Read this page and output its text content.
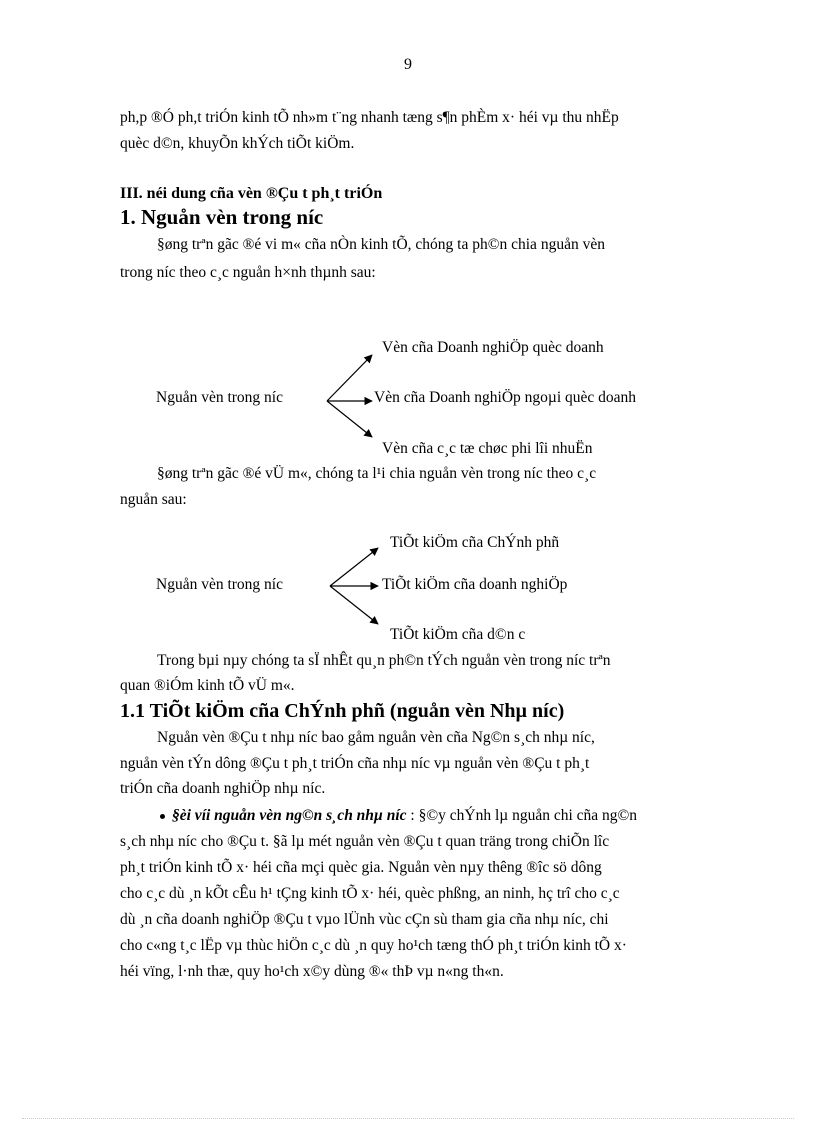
9
ph,p ®Ó ph,t triÓn kinh tÕ nh»m t¨ng nhanh tæng s¶n phÈm x· héi vµ thu nhËp
quèc d©n, khuyÕn khÝch tiÕt kiÖm.
III. néi dung cña vèn ®Çu t ph¸t triÓn
1. Nguån vèn trong níc
§øng trªn gãc ®é vi m« cña nÒn kinh tÕ, chóng ta ph©n chia nguån vèn
trong níc theo c¸c nguån h×nh thµnh sau:
Nguån vèn trong níc
Vèn cña Doanh nghiÖp quèc doanh
Vèn cña Doanh nghiÖp ngoµi quèc doanh
Vèn cña c¸c tæ chøc phi lîi nhuËn
§øng trªn gãc ®é vÜ m«, chóng ta l¹i chia nguån vèn trong níc theo c¸c
nguån sau:
Nguån vèn trong níc
TiÕt kiÖm cña ChÝnh phñ
TiÕt kiÖm cña doanh nghiÖp
TiÕt kiÖm cña d©n c
Trong bµi nµy chóng ta sÏ nhÊt qu¸n ph©n tÝch nguån vèn trong níc trªn
quan ®iÓm kinh tÕ vÜ m«.
1.1 TiÕt kiÖm cña ChÝnh phñ (nguån vèn Nhµ níc)
Nguån vèn ®Çu t nhµ níc bao gåm nguån vèn cña Ng©n s¸ch nhµ níc,
nguån vèn tÝn dông ®Çu t ph¸t triÓn cña nhµ níc vµ nguån vèn ®Çu t ph¸t
triÓn cña doanh nghiÖp nhµ níc.
§èi víi nguån vèn ng©n s¸ch nhµ níc : §©y chÝnh lµ nguån chi cña ng©n
s¸ch nhµ níc cho ®Çu t. §ã lµ mét nguån vèn ®Çu t quan träng trong chiÕn lîc
ph¸t triÓn kinh tÕ x· héi cña mçi quèc gia. Nguån vèn nµy thêng ®îc sö dông
cho c¸c dù ¸n kÕt cÊu h¹ tÇng kinh tÕ x· héi, quèc phßng, an ninh, hç trî cho c¸c
dù ¸n cña doanh nghiÖp ®Çu t vµo lÜnh vùc cÇn sù tham gia cña nhµ níc, chi
cho c«ng t¸c lËp vµ thùc hiÖn c¸c dù ¸n quy ho¹ch tæng thÓ ph¸t triÓn kinh tÕ x·
héi vïng, l·nh thæ, quy ho¹ch x©y dùng ®« thÞ vµ n«ng th«n.
